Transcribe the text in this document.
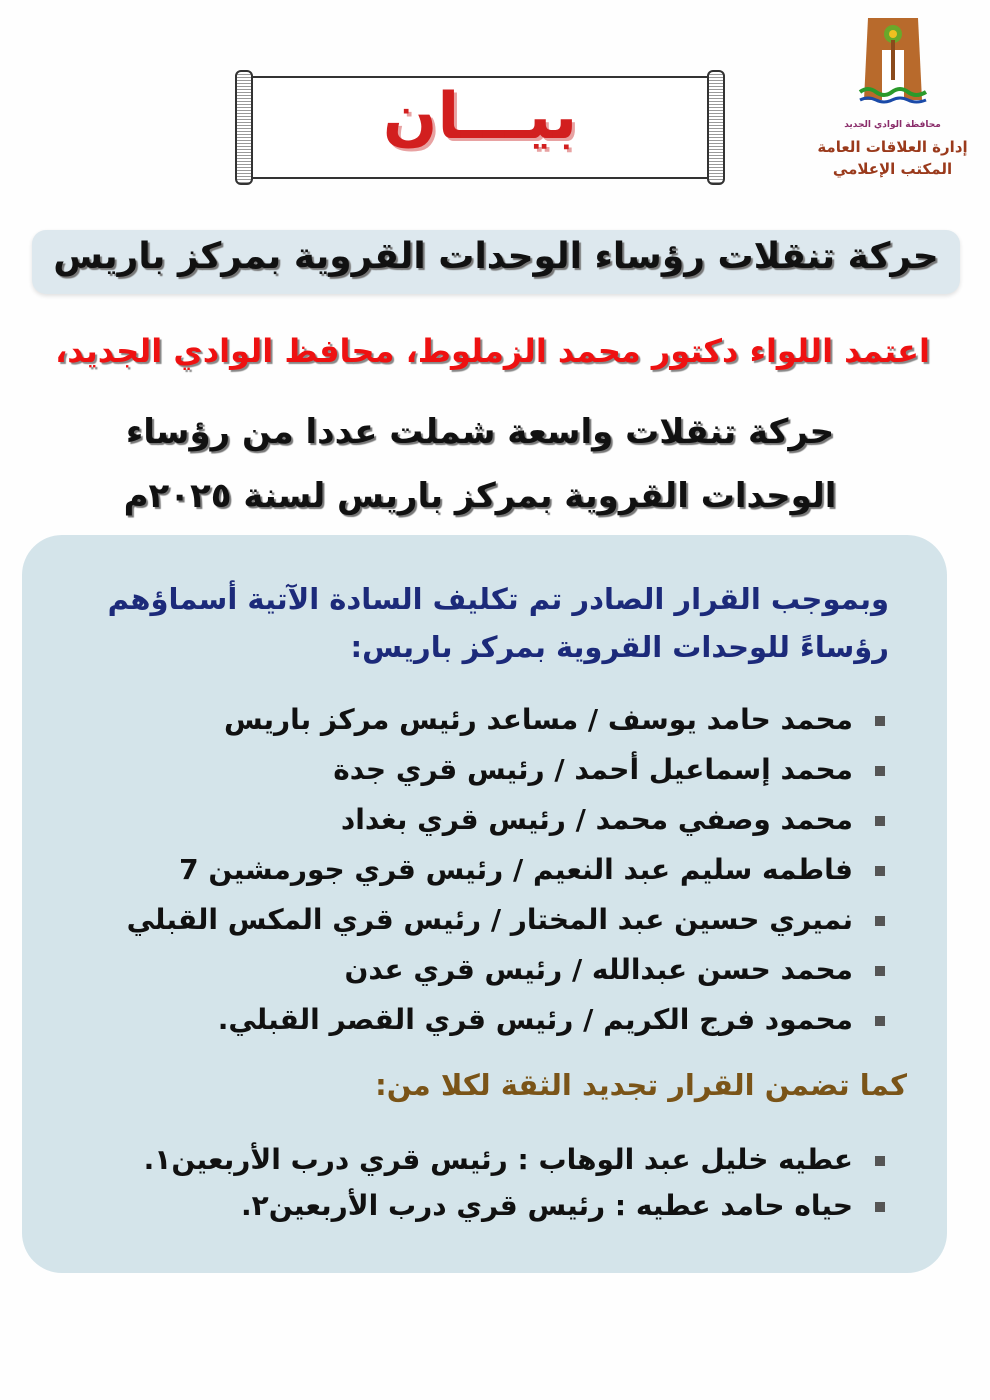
محافظة الوادي الجديد
إدارة العلاقات العامة
المكتب الإعلامي
بيـــان
حركة تنقلات رؤساء الوحدات القروية بمركز باريس
اعتمد اللواء دكتور محمد الزملوط، محافظ الوادي الجديد،
حركة تنقلات واسعة شملت عددا من رؤساء الوحدات القروية بمركز باريس لسنة ٢٠٢٥م
وبموجب القرار الصادر تم تكليف السادة الآتية أسماؤهم رؤساءً للوحدات القروية بمركز باريس:
محمد حامد يوسف / مساعد رئيس مركز باريس
محمد إسماعيل أحمد / رئيس قري جدة
محمد وصفي محمد / رئيس قري بغداد
فاطمه سليم عبد النعيم / رئيس قري جورمشين 7
نميري حسين عبد المختار / رئيس قري المكس القبلي
محمد حسن عبدالله / رئيس قري عدن
محمود فرج الكريم / رئيس قري القصر القبلي.
كما تضمن القرار تجديد الثقة لكلا من:
عطيه خليل عبد الوهاب : رئيس قري درب الأربعين١.
حياه حامد عطيه : رئيس قري درب الأربعين٢.
